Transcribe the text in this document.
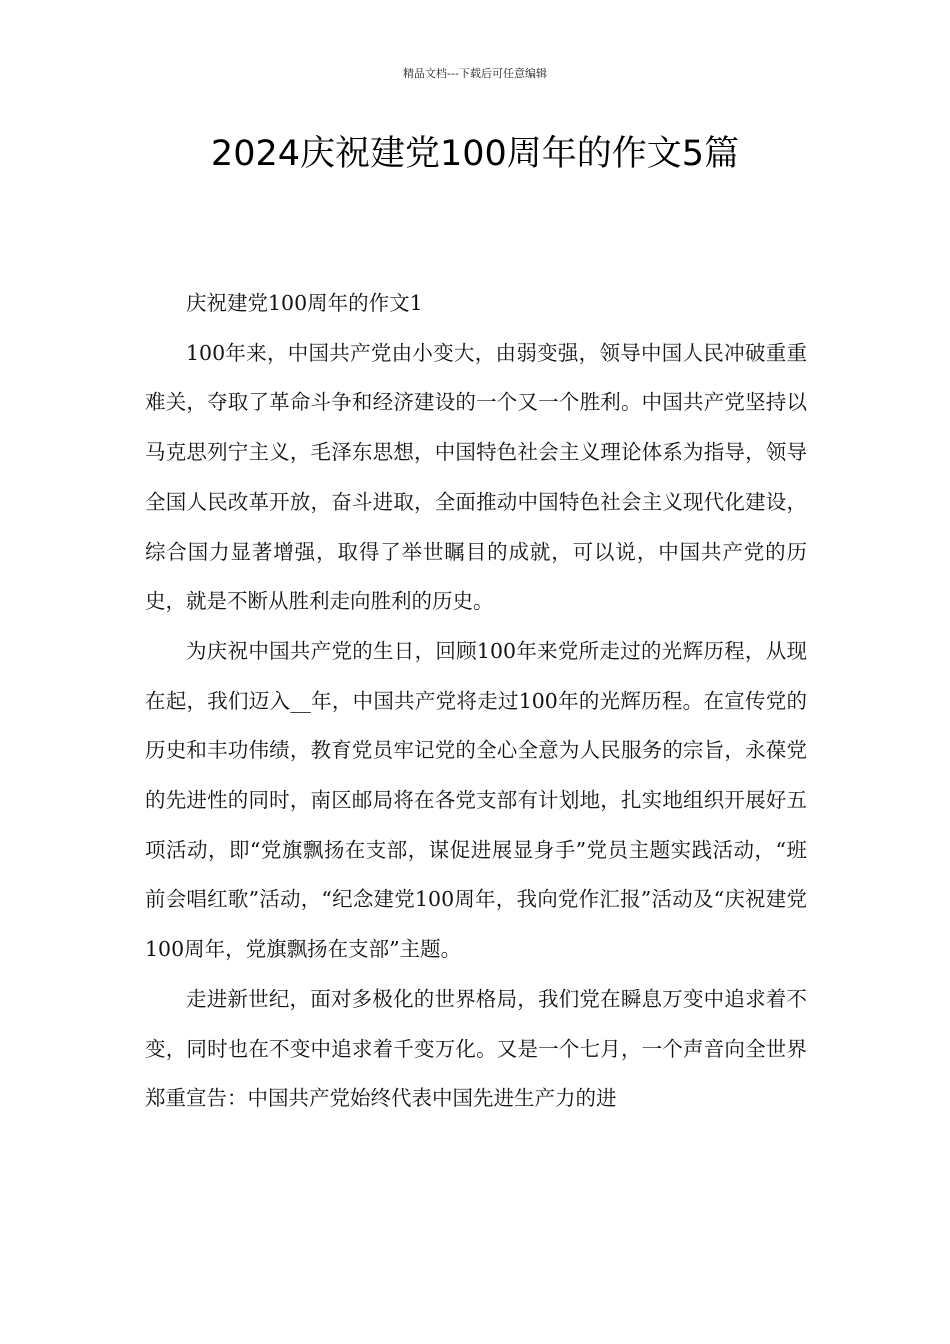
精品文档---下载后可任意编辑
2024庆祝建党100周年的作文5篇

庆祝建党100周年的作文1

100年来，中国共产党由小变大，由弱变强，领导中国人民冲破重重难关，夺取了革命斗争和经济建设的一个又一个胜利。中国共产党坚持以马克思列宁主义，毛泽东思想，中国特色社会主义理论体系为指导，领导全国人民改革开放，奋斗进取，全面推动中国特色社会主义现代化建设，综合国力显著增强，取得了举世瞩目的成就，可以说，中国共产党的历史，就是不断从胜利走向胜利的历史。

为庆祝中国共产党的生日，回顾100年来党所走过的光辉历程，从现在起，我们迈入__年，中国共产党将走过100年的光辉历程。在宣传党的历史和丰功伟绩，教育党员牢记党的全心全意为人民服务的宗旨，永葆党的先进性的同时，南区邮局将在各党支部有计划地，扎实地组织开展好五项活动，即“党旗飘扬在支部，谋促进展显身手”党员主题实践活动，“班前会唱红歌”活动，“纪念建党100周年，我向党作汇报”活动及“庆祝建党100周年，党旗飘扬在支部”主题。

走进新世纪，面对多极化的世界格局，我们党在瞬息万变中追求着不变，同时也在不变中追求着千变万化。又是一个七月，一个声音向全世界郑重宣告：中国共产党始终代表中国先进生产力的进
